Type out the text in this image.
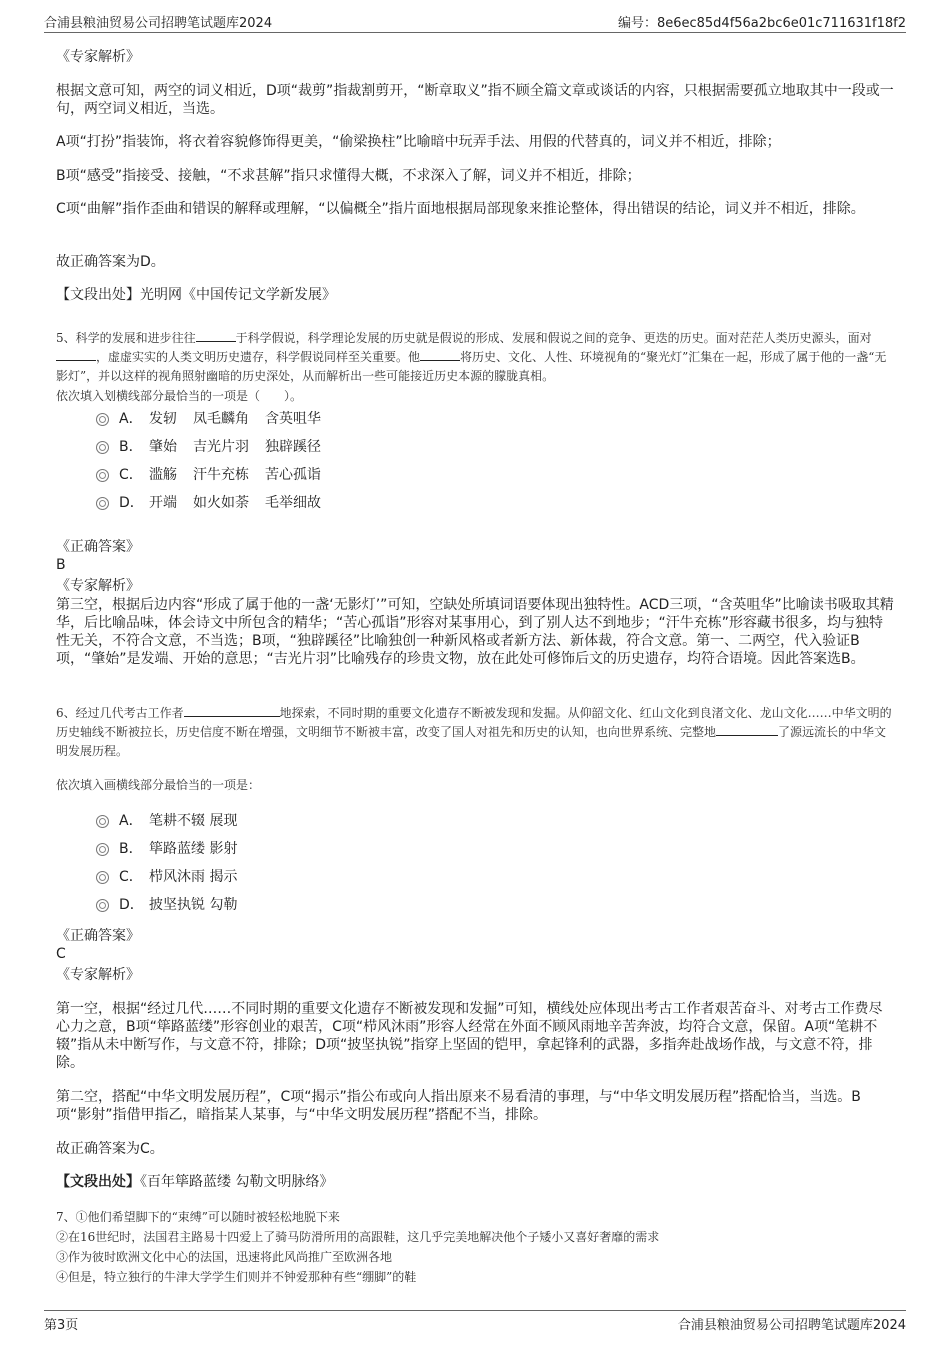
合浦县粮油贸易公司招聘笔试题库2024	编号：8e6ec85d4f56a2bc6e01c711631f18f2

《专家解析》

根据文意可知，两空的词义相近，D项“裁剪”指裁割剪开，“断章取义”指不顾全篇文章或谈话的内容，只根据需要孤立地取其中一段或一句，两空词义相近，当选。

A项“打扮”指装饰，将衣着容貌修饰得更美，“偷梁换柱”比喻暗中玩弄手法、用假的代替真的，词义并不相近，排除；

B项“感受”指接受、接触，“不求甚解”指只求懂得大概，不求深入了解，词义并不相近，排除；

C项“曲解”指作歪曲和错误的解释或理解，“以偏概全”指片面地根据局部现象来推论整体，得出错误的结论，词义并不相近，排除。

故正确答案为D。

【文段出处】光明网《中国传记文学新发展》

5、科学的发展和进步往往	于科学假说，科学理论发展的历史就是假说的形成、发展和假说之间的竞争、更迭的历史。面对茫茫人类历史源头，面对，虚虚实实的人类文明历史遗存，科学假说同样至关重要。他	将历史、文化、人性、环境视角的“聚光灯”汇集在一起，形成了属于他的一盏“无影灯”，并以这样的视角照射幽暗的历史深处，从而解析出一些可能接近历史本源的朦胧真相。

依次填入划横线部分最恰当的一项是（　　）。

A． 发轫 凤毛麟角 含英咀华
B． 肇始 吉光片羽 独辟蹊径
C． 滥觞 汗牛充栋 苦心孤诣
D． 开端 如火如荼 毛举细故

《正确答案》

B

《专家解析》

第三空，根据后边内容“形成了属于他的一盏‘无影灯’”可知，空缺处所填词语要体现出独特性。ACD三项，“含英咀华”比喻读书吸取其精华，后比喻品味，体会诗文中所包含的精华；“苦心孤诣”形容对某事用心，到了别人达不到地步；“汗牛充栋”形容藏书很多，均与独特性无关，不符合文意，不当选；B项，“独辟蹊径”比喻独创一种新风格或者新方法、新体裁，符合文意。第一、二两空，代入验证B项，“肇始”是发端、开始的意思；“吉光片羽”比喻残存的珍贵文物，放在此处可修饰后文的历史遗存，均符合语境。因此答案选B。

6、经过几代考古工作者	地探索，不同时期的重要文化遗存不断被发现和发掘。从仰韶文化、红山文化到良渚文化、龙山文化……中华文明的历史轴线不断被拉长，历史信度不断在增强，文明细节不断被丰富，改变了国人对祖先和历史的认知，也向世界系统、完整地	了源远流长的中华文明发展历程。

依次填入画横线部分最恰当的一项是：

A． 笔耕不辍 展现
B． 筚路蓝缕 影射
C． 栉风沐雨 揭示
D． 披坚执锐 勾勒

《正确答案》

C

《专家解析》

第一空，根据“经过几代……不同时期的重要文化遗存不断被发现和发掘”可知，横线处应体现出考古工作者艰苦奋斗、对考古工作费尽心力之意，B项“筚路蓝缕”形容创业的艰苦，C项“栉风沐雨”形容人经常在外面不顾风雨地辛苦奔波，均符合文意，保留。A项“笔耕不辍”指从未中断写作，与文意不符，排除；D项“披坚执锐”指穿上坚固的铠甲，拿起锋利的武器，多指奔赴战场作战，与文意不符，排除。

第二空，搭配“中华文明发展历程”，C项“揭示”指公布或向人指出原来不易看清的事理，与“中华文明发展历程”搭配恰当，当选。B项“影射”指借甲指乙，暗指某人某事，与“中华文明发展历程”搭配不当，排除。

故正确答案为C。

【文段出处】《百年筚路蓝缕 勾勒文明脉络》

7、①他们希望脚下的“束缚”可以随时被轻松地脱下来

②在16世纪时，法国君主路易十四爱上了骑马防滑所用的高跟鞋，这几乎完美地解决他个子矮小又喜好奢靡的需求

③作为彼时欧洲文化中心的法国，迅速将此风尚推广至欧洲各地

④但是，特立独行的牛津大学学生们则并不钟爱那种有些“绷脚”的鞋

第3页	合浦县粮油贸易公司招聘笔试题库2024
